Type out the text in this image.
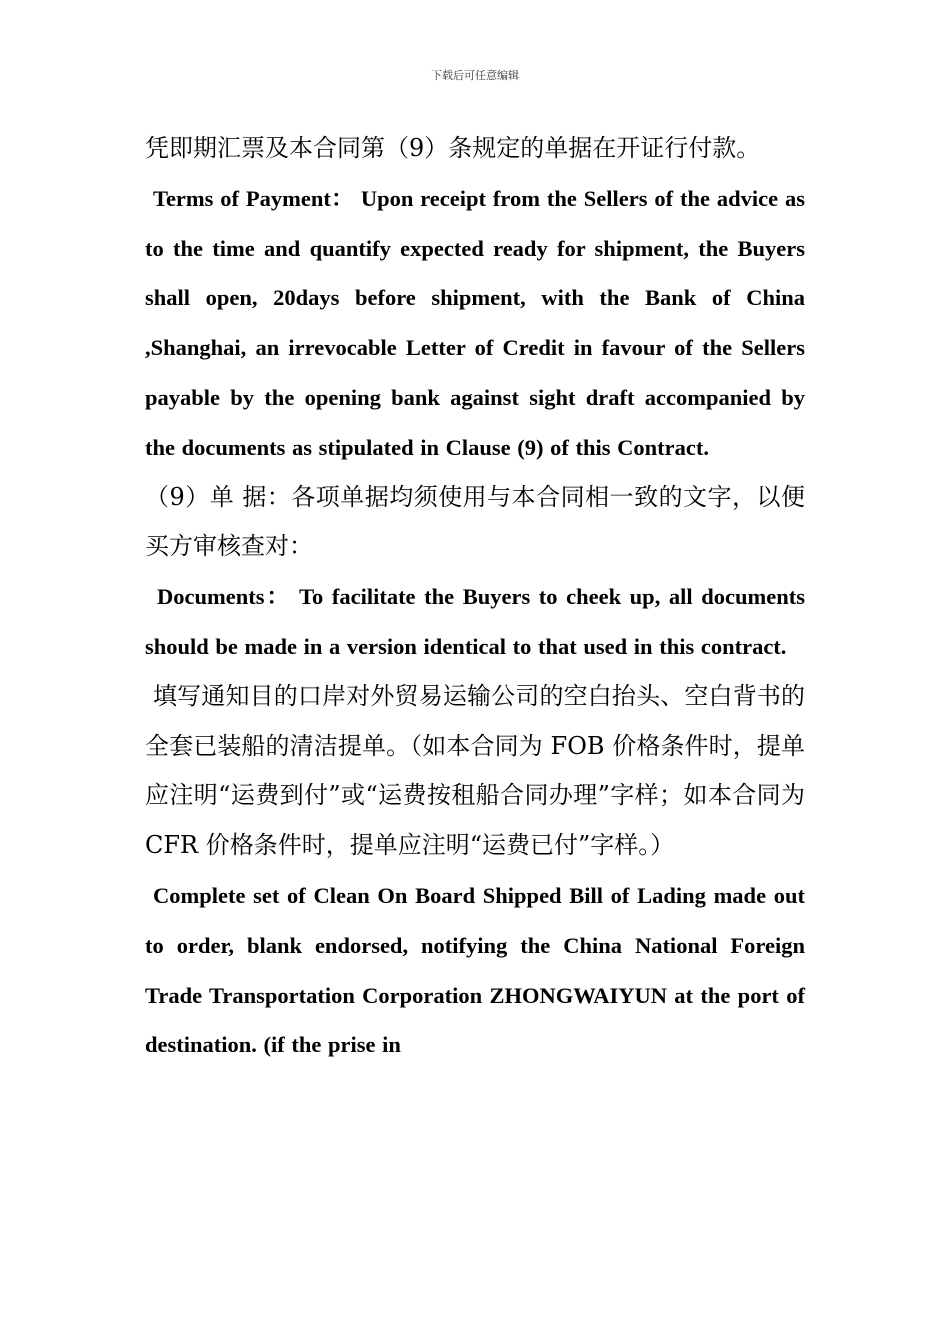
下载后可任意编辑

凭即期汇票及本合同第（9）条规定的单据在开证行付款。

Terms of Payment： Upon receipt from the Sellers of the advice as to the time and quantify expected ready for shipment, the Buyers shall open, 20days before shipment, with the Bank of China ,Shanghai, an irrevocable Letter of Credit in favour of the Sellers payable by the opening bank against sight draft accompanied by the documents as stipulated in Clause (9) of this Contract.

（9）单 据：各项单据均须使用与本合同相一致的文字，以便买方审核查对：

Documents： To facilitate the Buyers to cheek up, all documents should be made in a version identical to that used in this contract.

填写通知目的口岸对外贸易运输公司的空白抬头、空白背书的全套已装船的清洁提单。（如本合同为 FOB 价格条件时，提单应注明“运费到付”或“运费按租船合同办理”字样；如本合同为 CFR 价格条件时，提单应注明“运费已付”字样。）

Complete set of Clean On Board Shipped Bill of Lading made out to order, blank endorsed, notifying the China National Foreign Trade Transportation Corporation ZHONGWAIYUN at the port of destination. (if the prise in
